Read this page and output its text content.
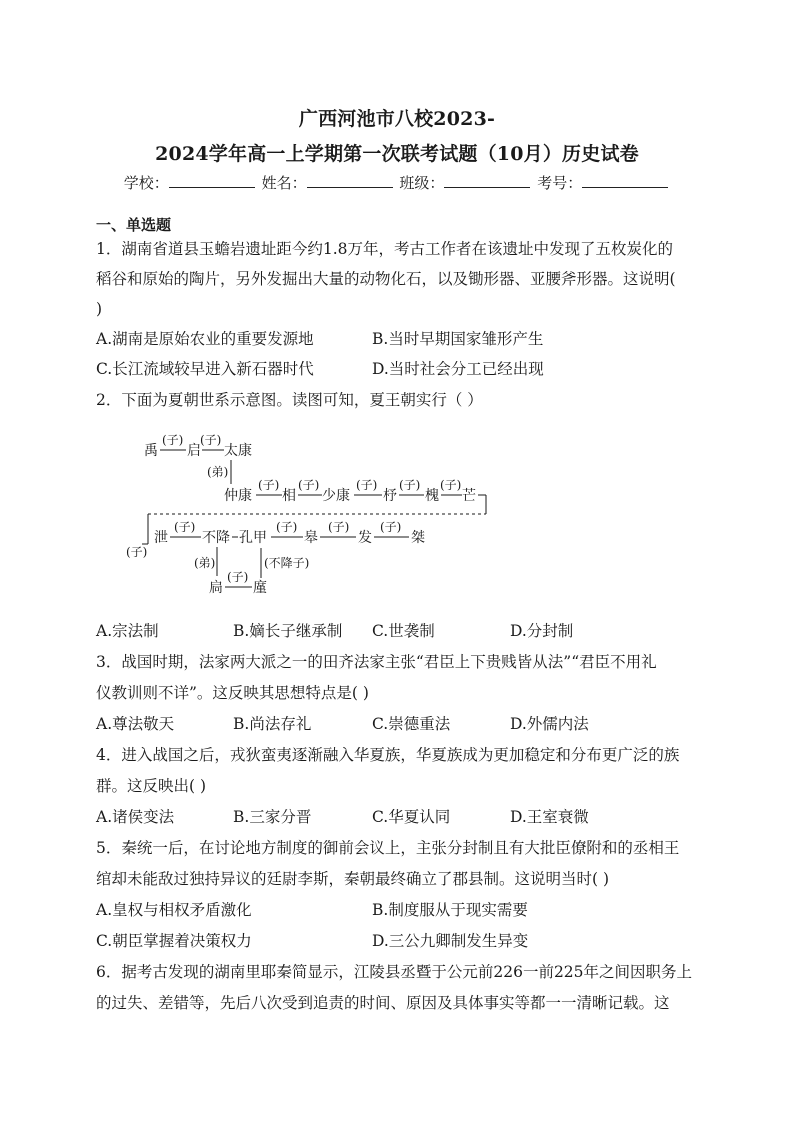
广西河池市八校2023-
2024学年高一上学期第一次联考试题（10月）历史试卷
学校：	姓名：	班级：	考号：
一、单选题
1．湖南省道县玉蟾岩遗址距今约1.8万年，考古工作者在该遗址中发现了五枚炭化的
稻谷和原始的陶片，另外发掘出大量的动物化石，以及锄形器、亚腰斧形器。这说明(
)
A.湖南是原始农业的重要发源地	B.当时早期国家雏形产生
C.长江流域较早进入新石器时代	D.当时社会分工已经出现
2．下面为夏朝世系示意图。读图可知，夏王朝实行（ ）
禹
(子)
启
(子)
太康
(弟)
仲康
(子)
相
(子)
少康
(子)
杼
(子)
槐
(子)
芒
(子)
泄
(子)
不降 孔甲
(子)
皋
(子)
发
(子)
桀
(弟)
扃
(子)
廑
(不降子)
A.宗法制	B.嫡长子继承制 C.世袭制	D.分封制
3．战国时期，法家两大派之一的田齐法家主张“君臣上下贵贱皆从法”“君臣不用礼
仪教训则不详”。这反映其思想特点是( )
A.尊法敬天	B.尚法存礼	C.崇德重法	D.外儒内法
4．进入战国之后，戎狄蛮夷逐渐融入华夏族，华夏族成为更加稳定和分布更广泛的族
群。这反映出( )
A.诸侯变法	B.三家分晋	C.华夏认同	D.王室衰微
5．秦统一后，在讨论地方制度的御前会议上，主张分封制且有大批臣僚附和的丞相王
绾却未能敌过独持异议的廷尉李斯，秦朝最终确立了郡县制。这说明当时( )
A.皇权与相权矛盾激化	B.制度服从于现实需要
C.朝臣掌握着决策权力	D.三公九卿制发生异变
6．据考古发现的湖南里耶秦简显示，江陵县丞暨于公元前226一前225年之间因职务上
的过失、差错等，先后八次受到追责的时间、原因及具体事实等都一一清晰记载。这
